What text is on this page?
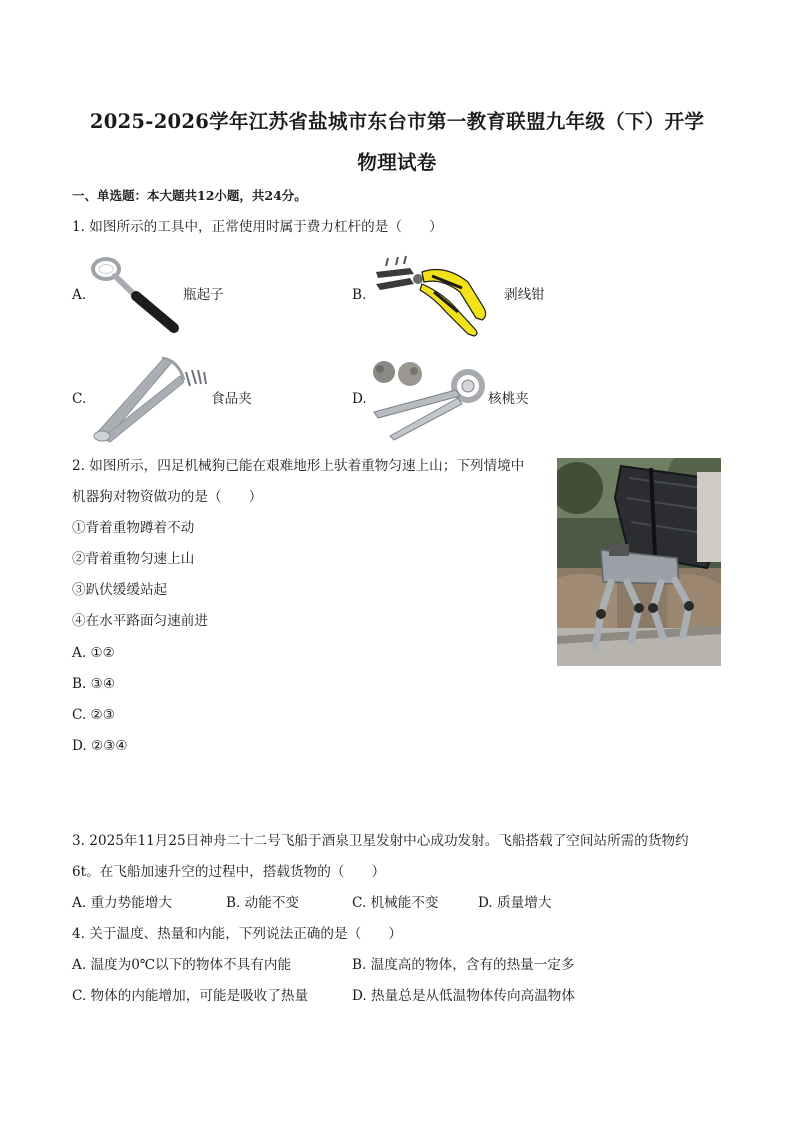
2025-2026学年江苏省盐城市东台市第一教育联盟九年级（下）开学
物理试卷
一、单选题：本大题共12小题，共24分。
1. 如图所示的工具中，正常使用时属于费力杠杆的是（　　）
A.	瓶起子	B.	剥线钳
C.	食品夹	D.	核桃夹
2. 如图所示，四足机械狗已能在艰难地形上驮着重物匀速上山；下列情境中
机器狗对物资做功的是（　　）
①背着重物蹲着不动
②背着重物匀速上山
③趴伏缓缓站起
④在水平路面匀速前进
A. ①②
B. ③④
C. ②③
D. ②③④
3. 2025年11月25日神舟二十二号飞船于酒泉卫星发射中心成功发射。飞船搭载了空间站所需的货物约
6t。在飞船加速升空的过程中，搭载货物的（　　）
A. 重力势能增大	B. 动能不变	C. 机械能不变	D. 质量增大
4. 关于温度、热量和内能，下列说法正确的是（　　）
A. 温度为0℃以下的物体不具有内能	B. 温度高的物体，含有的热量一定多
C. 物体的内能增加，可能是吸收了热量	D. 热量总是从低温物体传向高温物体
